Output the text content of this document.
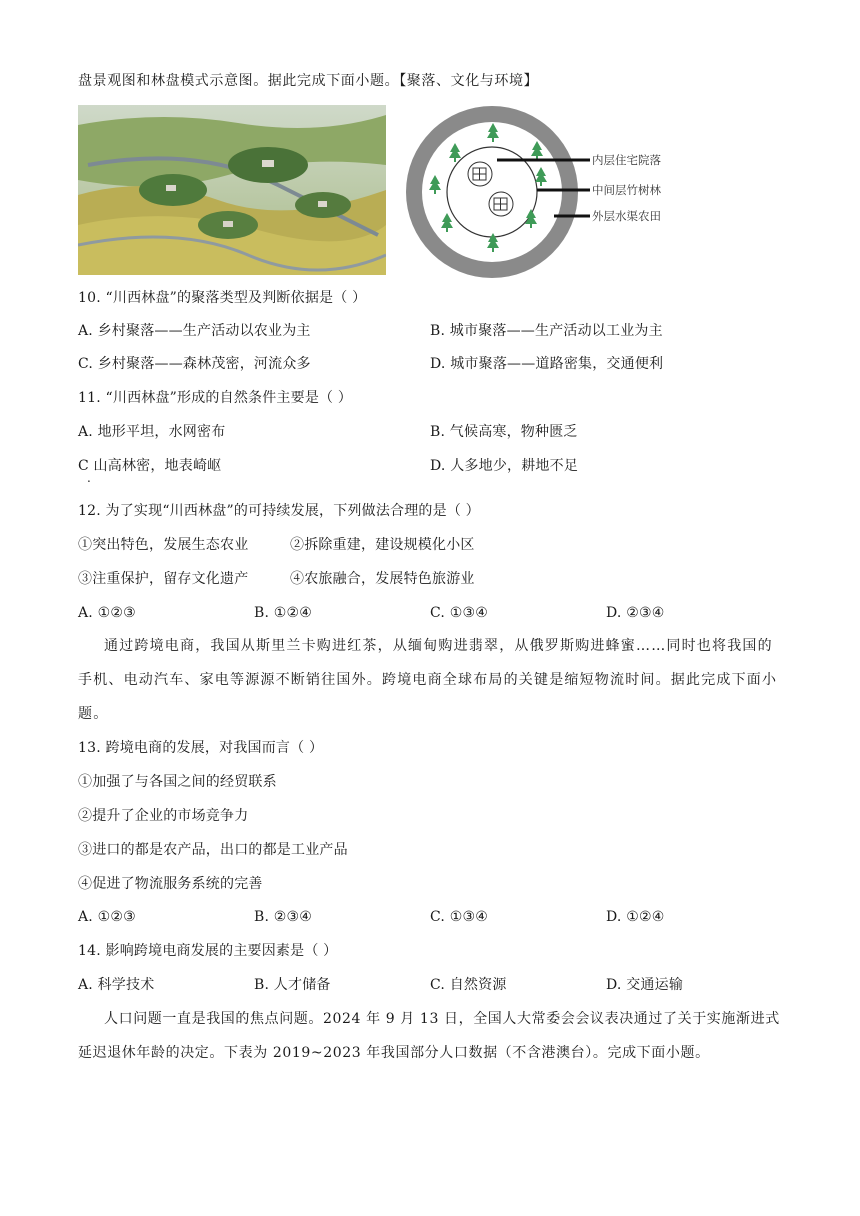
盘景观图和林盘模式示意图。据此完成下面小题。【聚落、文化与环境】
内层住宅院落
中间层竹树林
外层水渠农田
10. “川西林盘”的聚落类型及判断依据是（ ）
A. 乡村聚落——生产活动以农业为主	B. 城市聚落——生产活动以工业为主
C. 乡村聚落——森林茂密，河流众多	D. 城市聚落——道路密集，交通便利
11. “川西林盘”形成的自然条件主要是（ ）
A. 地形平坦，水网密布	B. 气候高寒，物种匮乏
C 山高林密，地表崎岖
.
D. 人多地少，耕地不足
12. 为了实现“川西林盘”的可持续发展，下列做法合理的是（ ）
①突出特色，发展生态农业	②拆除重建，建设规模化小区
③注重保护，留存文化遗产	④农旅融合，发展特色旅游业
A. ①②③	B. ①②④	C. ①③④	D. ②③④
通过跨境电商，我国从斯里兰卡购进红茶，从缅甸购进翡翠，从俄罗斯购进蜂蜜……同时也将我国的
手机、电动汽车、家电等源源不断销往国外。跨境电商全球布局的关键是缩短物流时间。据此完成下面小
题。
13. 跨境电商的发展，对我国而言（ ）
①加强了与各国之间的经贸联系
②提升了企业的市场竞争力
③进口的都是农产品，出口的都是工业产品
④促进了物流服务系统的完善
A. ①②③	B. ②③④	C. ①③④	D. ①②④
14. 影响跨境电商发展的主要因素是（ ）
A. 科学技术	B. 人才储备	C. 自然资源	D. 交通运输
人口问题一直是我国的焦点问题。2024 年 9 月 13 日，全国人大常委会会议表决通过了关于实施渐进式
延迟退休年龄的决定。下表为 2019~2023 年我国部分人口数据（不含港澳台）。完成下面小题。
